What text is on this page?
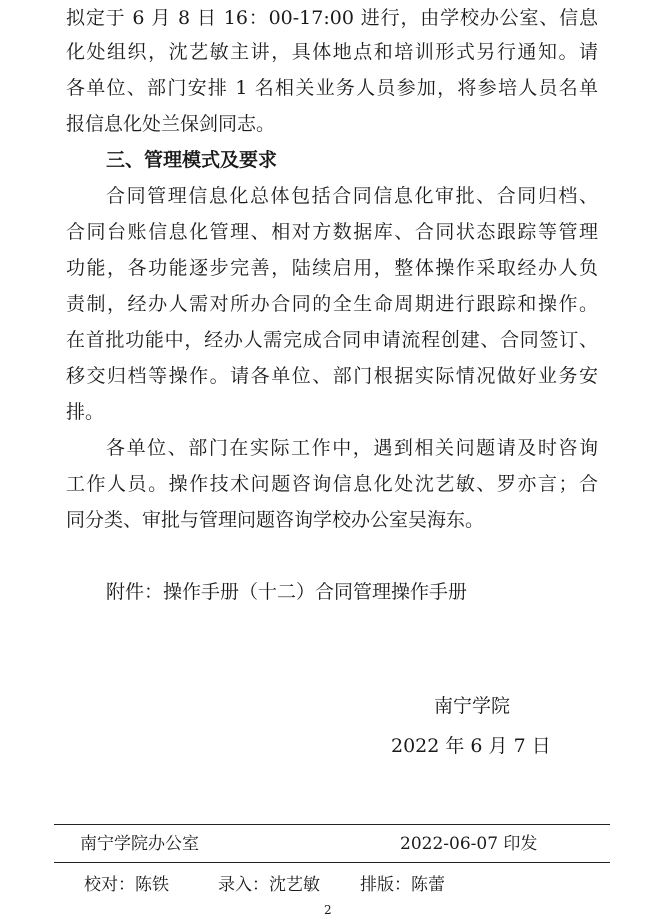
拟定于 6 月 8 日 16：00-17:00 进行，由学校办公室、信息
化处组织，沈艺敏主讲，具体地点和培训形式另行通知。请
各单位、部门安排 1 名相关业务人员参加，将参培人员名单
报信息化处兰保剑同志。
三、管理模式及要求
合同管理信息化总体包括合同信息化审批、合同归档、
合同台账信息化管理、相对方数据库、合同状态跟踪等管理
功能，各功能逐步完善，陆续启用，整体操作采取经办人负
责制，经办人需对所办合同的全生命周期进行跟踪和操作。
在首批功能中，经办人需完成合同申请流程创建、合同签订、
移交归档等操作。请各单位、部门根据实际情况做好业务安
排。
各单位、部门在实际工作中，遇到相关问题请及时咨询
工作人员。操作技术问题咨询信息化处沈艺敏、罗亦言；合
同分类、审批与管理问题咨询学校办公室吴海东。
附件：操作手册（十二）合同管理操作手册
南宁学院
2022 年 6 月 7 日
南宁学院办公室	2022-06-07 印发
校对：陈铁	录入：沈艺敏 排版：陈蕾
2
